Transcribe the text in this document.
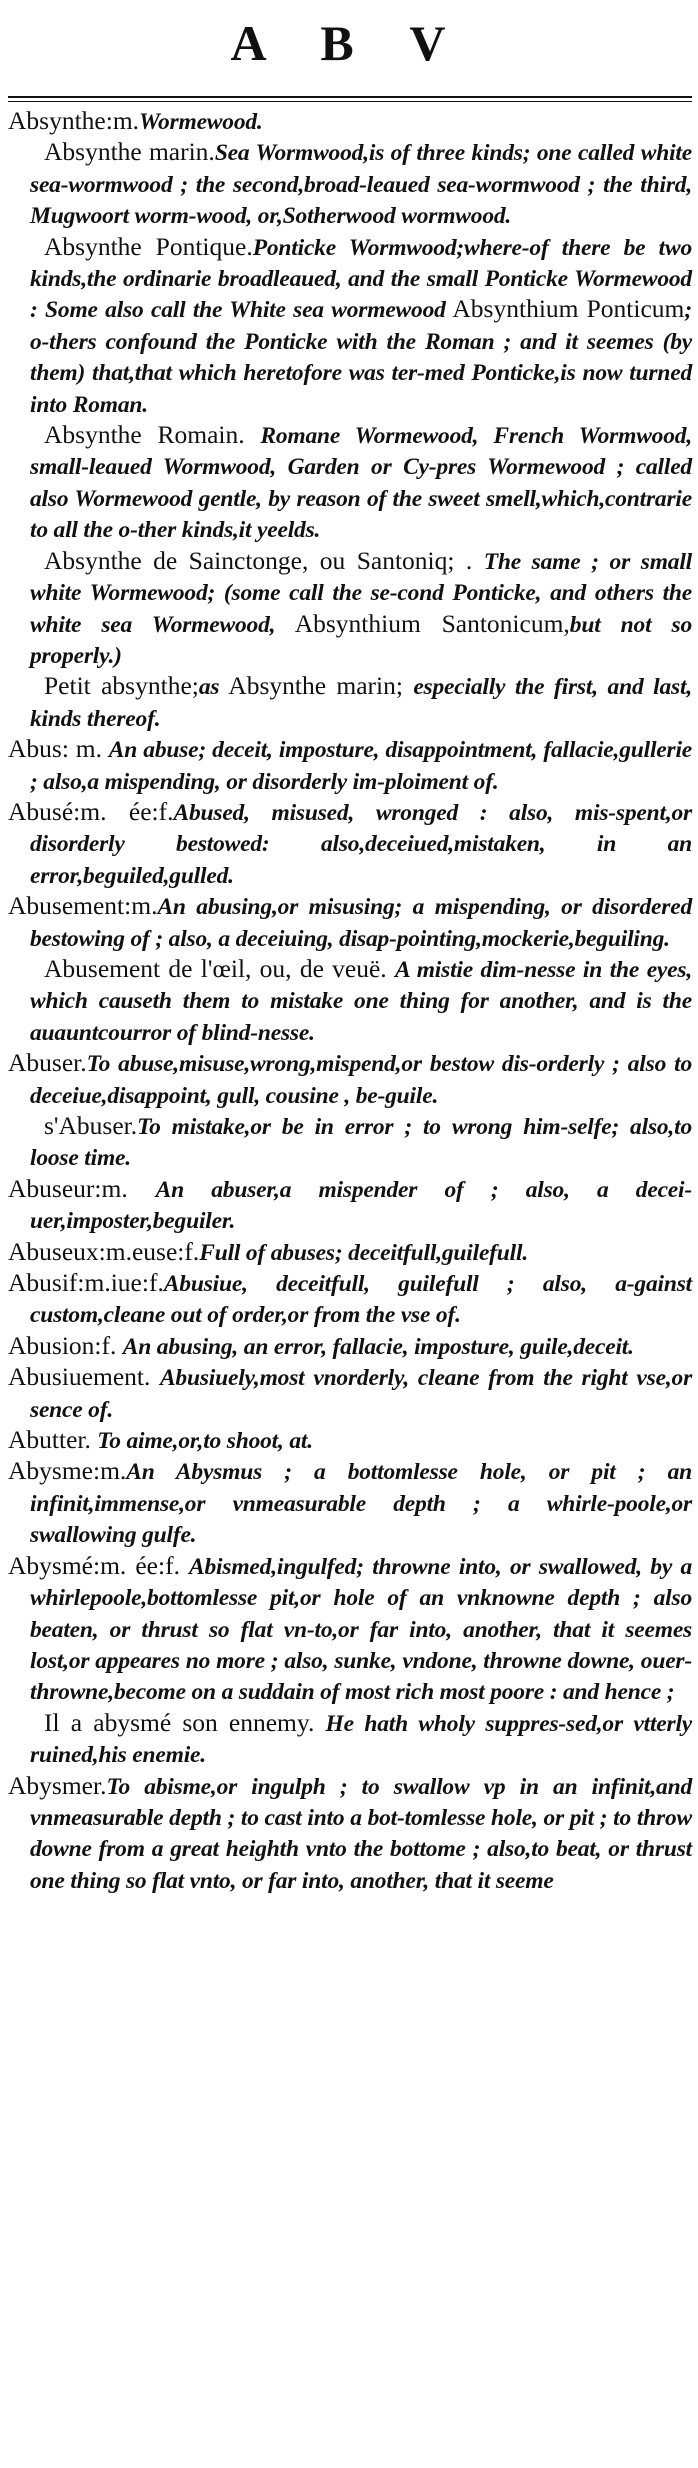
A B V

Absynthe:m.Wormewood.

Absynthe marin.Sea Wormwood,is of three kinds; one called white sea-wormwood ; the second,broad-leaued sea-wormwood ; the third, Mugwoort worm-wood, or,Sotherwood wormwood.

Absynthe Pontique.Ponticke Wormwood;where-of there be two kinds,the ordinarie broadleaued, and the small Ponticke Wormewood : Some also call the White sea wormewood Absynthium Ponticum; o-thers confound the Ponticke with the Roman ; and it seemes (by them) that,that which heretofore was ter-med Ponticke,is now turned into Roman.

Absynthe Romain. Romane Wormewood, French Wormwood, small-leaued Wormwood, Garden or Cy-pres Wormewood ; called also Wormewood gentle, by reason of the sweet smell,which,contrarie to all the o-ther kinds,it yeelds.

Absynthe de Sainctonge, ou Santoniq; . The same ; or small white Wormewood; (some call the se-cond Ponticke, and others the white sea Wormewood, Absynthium Santonicum,but not so properly.)

Petit absynthe;as Absynthe marin; especially the first, and last, kinds thereof.

Abus: m. An abuse; deceit, imposture, disappointment, fallacie,gullerie ; also,a mispending, or disorderly im-ploiment of.

Abusé:m. ée:f.Abused, misused, wronged : also, mis-spent,or disorderly bestowed: also,deceiued,mistaken, in an error,beguiled,gulled.

Abusement:m.An abusing,or misusing; a mispending, or disordered bestowing of ; also, a deceiuing, disap-pointing,mockerie,beguiling.

Abusement de l'œil, ou, de veuë. A mistie dim-nesse in the eyes, which causeth them to mistake one thing for another, and is the auauntcourror of blind-nesse.

Abuser.To abuse,misuse,wrong,mispend,or bestow dis-orderly ; also to deceiue,disappoint, gull, cousine , be-guile.

s'Abuser.To mistake,or be in error ; to wrong him-selfe; also,to loose time.

Abuseur:m. An abuser,a mispender of ; also, a decei-uer,imposter,beguiler.

Abuseux:m.euse:f.Full of abuses; deceitfull,guilefull.

Abusif:m.iue:f.Abusiue, deceitfull, guilefull ; also, a-gainst custom,cleane out of order,or from the vse of.

Abusion:f. An abusing, an error, fallacie, imposture, guile,deceit.

Abusiuement. Abusiuely,most vnorderly, cleane from the right vse,or sence of.

Abutter. To aime,or,to shoot, at.

Abysme:m.An Abysmus ; a bottomlesse hole, or pit ; an infinit,immense,or vnmeasurable depth ; a whirle-poole,or swallowing gulfe.

Abysmé:m. ée:f. Abismed,ingulfed; throwne into, or swallowed, by a whirlepoole,bottomlesse pit,or hole of an vnknowne depth ; also beaten, or thrust so flat vn-to,or far into, another, that it seemes lost,or appeares no more ; also, sunke, vndone, throwne downe, ouer-throwne,become on a suddain of most rich most poore : and hence ;

Il a abysmé son ennemy. He hath wholy suppres-sed,or vtterly ruined,his enemie.

Abysmer.To abisme,or ingulph ; to swallow vp in an infinit,and vnmeasurable depth ; to cast into a bot-tomlesse hole, or pit ; to throw downe from a great heighth vnto the bottome ; also,to beat, or thrust one thing so flat vnto, or far into, another, that it seeme
